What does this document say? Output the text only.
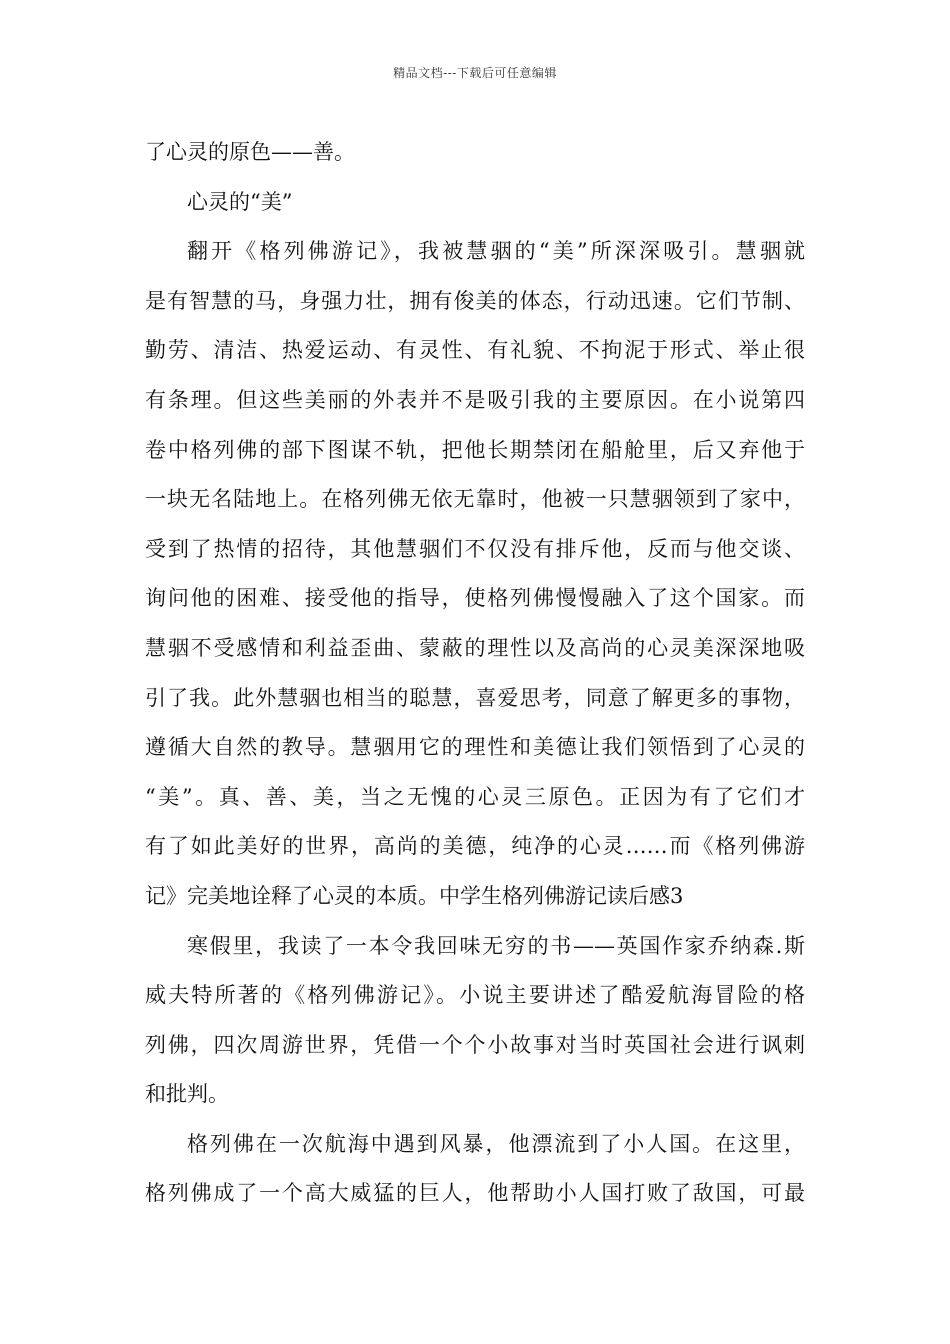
精品文档---下载后可任意编辑
了心灵的原色——善。
心灵的“美”
翻开《格列佛游记》，我被慧骃的“美”所深深吸引。慧骃就
是有智慧的马，身强力壮，拥有俊美的体态，行动迅速。它们节制、
勤劳、清洁、热爱运动、有灵性、有礼貌、不拘泥于形式、举止很
有条理。但这些美丽的外表并不是吸引我的主要原因。在小说第四
卷中格列佛的部下图谋不轨，把他长期禁闭在船舱里，后又弃他于
一块无名陆地上。在格列佛无依无靠时，他被一只慧骃领到了家中，
受到了热情的招待，其他慧骃们不仅没有排斥他，反而与他交谈、
询问他的困难、接受他的指导，使格列佛慢慢融入了这个国家。而
慧骃不受感情和利益歪曲、蒙蔽的理性以及高尚的心灵美深深地吸
引了我。此外慧骃也相当的聪慧，喜爱思考，同意了解更多的事物，
遵循大自然的教导。慧骃用它的理性和美德让我们领悟到了心灵的
“美”。真、善、美，当之无愧的心灵三原色。正因为有了它们才
有了如此美好的世界，高尚的美德，纯净的心灵……而《格列佛游
记》完美地诠释了心灵的本质。中学生格列佛游记读后感3
寒假里，我读了一本令我回味无穷的书——英国作家乔纳森.斯
威夫特所著的《格列佛游记》。小说主要讲述了酷爱航海冒险的格
列佛，四次周游世界，凭借一个个小故事对当时英国社会进行讽刺
和批判。
格列佛在一次航海中遇到风暴，他漂流到了小人国。在这里，
格列佛成了一个高大威猛的巨人，他帮助小人国打败了敌国，可最
